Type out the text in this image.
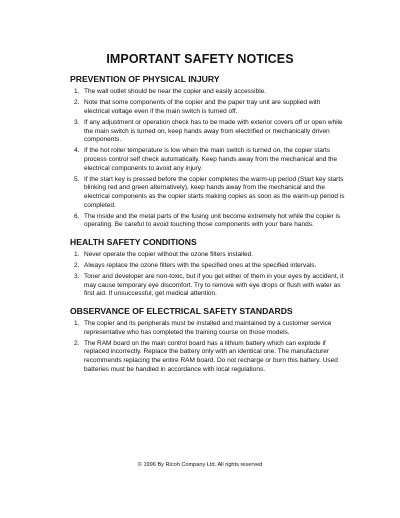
IMPORTANT SAFETY NOTICES
PREVENTION OF PHYSICAL INJURY
1. The wall outlet should be near the copier and easily accessible.
2. Note that some components of the copier and the paper tray unit are supplied with electrical voltage even if the main switch is turned off.
3. If any adjustment or operation check has to be made with exterior covers off or open while the main switch is turned on, keep hands away from electrified or mechanically driven components.
4. If the hot roller temperature is low when the main switch is turned on, the copier starts process control self check automatically. Keep hands away from the mechanical and the electrical components to avoid any injury.
5. If the start key is pressed before the copier completes the warm-up period (Start key starts blinking red and green alternatively), keep hands away from the mechanical and the electrical components as the copier starts making copies as soon as the warm-up period is completed.
6. The inside and the metal parts of the fusing unit become extremely hot while the copier is operating. Be careful to avoid touching those components with your bare hands.
HEALTH SAFETY CONDITIONS
1. Never operate the copier without the ozone filters installed.
2. Always replace the ozone filters with the specified ones at the specified intervals.
3. Toner and developer are non-toxic, but if you get either of them in your eyes by accident, it may cause temporary eye discomfort. Try to remove with eye drops or flush with water as first aid. If unsuccessful, get medical attention.
OBSERVANCE OF ELECTRICAL SAFETY STANDARDS
1. The copier and its peripherals must be installed and maintained by a customer service representative who has completed the training course on those models.
2. The RAM board on the main control board has a lithium battery which can explode if replaced incorrectly. Replace the battery only with an identical one. The manufacturer recommends replacing the entire RAM board. Do not recharge or burn this battery. Used batteries must be handled in accordance with local regulations.
© 1996 By Ricoh Company Ltd. All rights reserved
